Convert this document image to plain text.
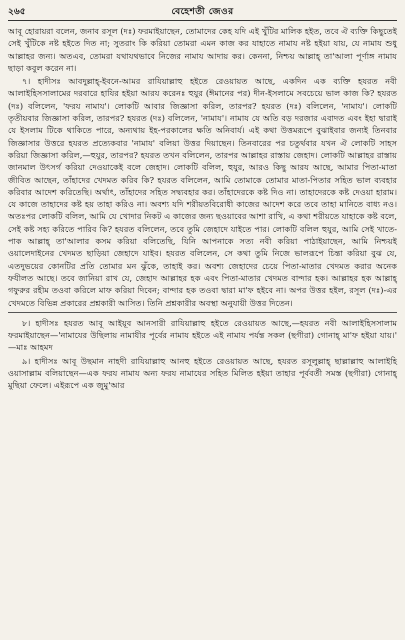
২৬৫	বেহেশতী জেওর

আবূ হোরায়রা বলেন, জনাব রসূল (দঃ) ফরমাইয়াছেন, তোমাদের কেহ যদি এই খুঁটির মালিক হইত, তবে ঐ ব্যক্তি কিছুতেই সেই খুঁটিকে নষ্ট হইতে দিত না; সুতরাং কি করিয়া তোমরা এমন কাজ কর যাহাতে নামায নষ্ট হইয়া যায়, যে নামায শুধু আল্লাহর জন্য। অতএব, তোমরা যথাযথভাবে নিজের নামায আদায় কর। কেননা, নিশ্চয় আল্লাহ্‌ তা'আলা পূর্ণাঙ্গ নামায ছাড়া কবুল করেন না।

৭। হাদীসঃ আবদুল্লাহ্‌-ইবনে-আমর রাযিয়াল্লাহু হইতে রেওয়ায়ত আছে, একদিন এক ব্যক্তি হযরত নবী আলাইহিসসালামের দরবারে হাযির হইয়া আরয করেনঃ হুযুর (ঈমানের পর) দীন-ইসলামে সবচেয়ে ভাল কাজ কি? হযরত (দঃ) বলিলেন, 'ফরয নামায'। লোকটি আবার জিজ্ঞাসা করিল, তারপর? হযরত (দঃ) বলিলেন, 'নামায'। লোকটি তৃতীয়বার জিজ্ঞাসা করিল, তারপর? হযরত (দঃ) বলিলেন, 'নামায'। নামায যে অতি বড় দরজার এবাদত এবং ইহা দ্বারাই যে ইসলাম টিকে থাকিতে পারে, অন্যথায় ইহ-পরকালের ক্ষতি অনিবার্য। এই কথা উত্তমরূপে বুঝাইবার জন্যই তিনবার জিজ্ঞাসার উত্তরে হযরত প্রত্যেকবার 'নামায' বলিয়া উত্তর দিয়াছেন। তিনবারের পর চতুর্থবার যখন ঐ লোকটি সাহস করিয়া জিজ্ঞাসা করিল,—হুযুর, তারপর? হযরত তখন বলিলেন, তারপর আল্লাহর রাস্তায় জেহাদ। লোকটি আল্লাহর রাস্তায় জানমাল উৎসর্গ করিয়া দেওয়াকেই বলে জেহাদ। লোকটি বলিল, হুযুর, আরও কিছু আরয আছে, আমার পিতা-মাতা জীবিত আছেন, তাঁহাদের খেদমত করিব কি? হযরত বলিলেন, আমি তোমাকে তোমার মাতা-পিতার সহিত ভাল ব্যবহার করিবার আদেশ করিতেছি। অর্থাৎ, তাঁহাদের সহিত সদ্ব্যবহার কর। তাঁহাদেরকে কষ্ট দিও না। তাহাদেরকে কষ্ট দেওয়া হারাম। যে কাজে তাহাদের কষ্ট হয় তাহা করিও না। অবশ্য যদি শরীয়তবিরোধী কাজের আদেশ করে তবে তাহা মানিতে বাধ্য নও। অতঃপর লোকটি বলিল, আমি যে খোদার নিকট এ কাজের জন্য ছওয়াবের আশা রাখি, এ কথা শরীয়তে যাহাকে কষ্ট বলে, সেই কষ্ট সহ্য করিতে পারিব কি? হযরত বলিলেন, তবে তুমি জেহাদে যাইতে পার। লোকটি বলিল হুযুর, আমি সেই খাতে-পাক আল্লাহ্‌ তা'আলার কসম করিয়া বলিতেছি, যিনি আপনাকে সত্য নবী করিয়া পাঠাইয়াছেন, আমি নিশ্চয়ই ওয়ালেদাইনের খেদমত ছাড়িয়া জেহাদে যাইব। হযরত বলিলেন, সে কথা তুমি নিজে ভালরূপে চিন্তা করিয়া বুঝ যে, এতদুভয়ের কোনটির প্রতি তোমার মন ঝুঁকে, তাহাই কর। অবশ্য জেহাদের চেয়ে পিতা-মাতার খেদমত করার অনেক ফযীলত আছে। তবে জানিয়া রাখ যে, জেহাদ আল্লাহর হক এবং পিতা-মাতার খেদমত বান্দার হক। আল্লাহর হক আল্লাহ্‌ গফুরুর রহীম তওবা করিলে মাফ করিয়া দিবেন; বান্দার হক তওবা দ্বারা মা'ফ হইবে না। অপর উত্তর হইল, রসূল (দঃ)-এর খেদমতে বিভিন্ন প্রকারের প্রশ্নকারী আসিত। তিনি প্রশ্নকারীর অবস্থা অনুযায়ী উত্তর দিতেন।

৮। হাদীসঃ হযরত আবূ আইয়ূব আনসারী রাযিয়াল্লাহু হইতে রেওয়ায়ত আছে,—হযরত নবী আলাইহিসসালাম ফরমাইয়াছেন—'নামাযের উছিলায় নামাযীর পূর্বের নামায হইতে এই নামায পর্যন্ত সকল (ছগীরা) গোনাহ্‌ মা'ফ হইয়া যায়।' —মাঃ আহমদ

৯। হাদীসঃ আবূ উছমান নাহদী রাযিয়াল্লাহু আনহু হইতে রেওয়ায়ত আছে, হযরত রসূলুল্লাহ্‌ ছাল্লাল্লাহু আলাইহি ওয়াসাল্লাম বলিয়াছেন—এক ফরয নামায অন্য ফরয নামাযের সহিত মিলিত হইয়া তাহার পূর্ববর্তী সমস্ত (ছগীরা) গোনাহ্‌ মুছিয়া ফেলে। এইরূপে এক জুমু'আর
